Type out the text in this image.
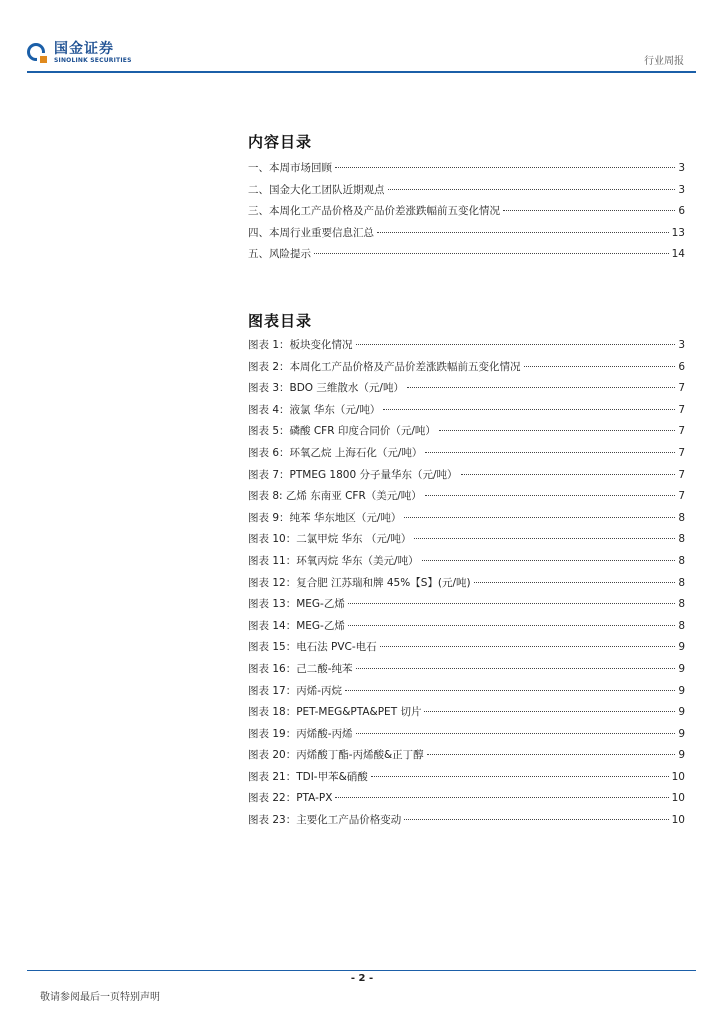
国金证券
SINOLINK SECURITIES	行业周报
内容目录
一、本周市场回顾	3
二、国金大化工团队近期观点	3
三、本周化工产品价格及产品价差涨跌幅前五变化情况	6
四、本周行业重要信息汇总	13
五、风险提示	14
图表目录
图表 1：板块变化情况	3
图表 2：本周化工产品价格及产品价差涨跌幅前五变化情况	6
图表 3：BDO 三维散水（元/吨）	7
图表 4：液氯 华东（元/吨）	7
图表 5：磷酸 CFR 印度合同价（元/吨）	7
图表 6：环氧乙烷 上海石化（元/吨）	7
图表 7：PTMEG 1800 分子量华东（元/吨）	7
图表 8: 乙烯 东南亚 CFR（美元/吨）	7
图表 9：纯苯 华东地区（元/吨）	8
图表 10：二氯甲烷 华东 （元/吨）	8
图表 11：环氧丙烷 华东（美元/吨）	8
图表 12：复合肥 江苏瑞和牌 45%【S】(元/吨)	8
图表 13：MEG-乙烯	8
图表 14：MEG-乙烯	8
图表 15：电石法 PVC-电石	9
图表 16：己二酸-纯苯	9
图表 17：丙烯-丙烷	9
图表 18：PET-MEG&PTA&PET 切片	9
图表 19：丙烯酸-丙烯	9
图表 20：丙烯酸丁酯-丙烯酸&正丁醇	9
图表 21：TDI-甲苯&硝酸	10
图表 22：PTA-PX	10
图表 23：主要化工产品价格变动	10
- 2 -
敬请参阅最后一页特别声明
